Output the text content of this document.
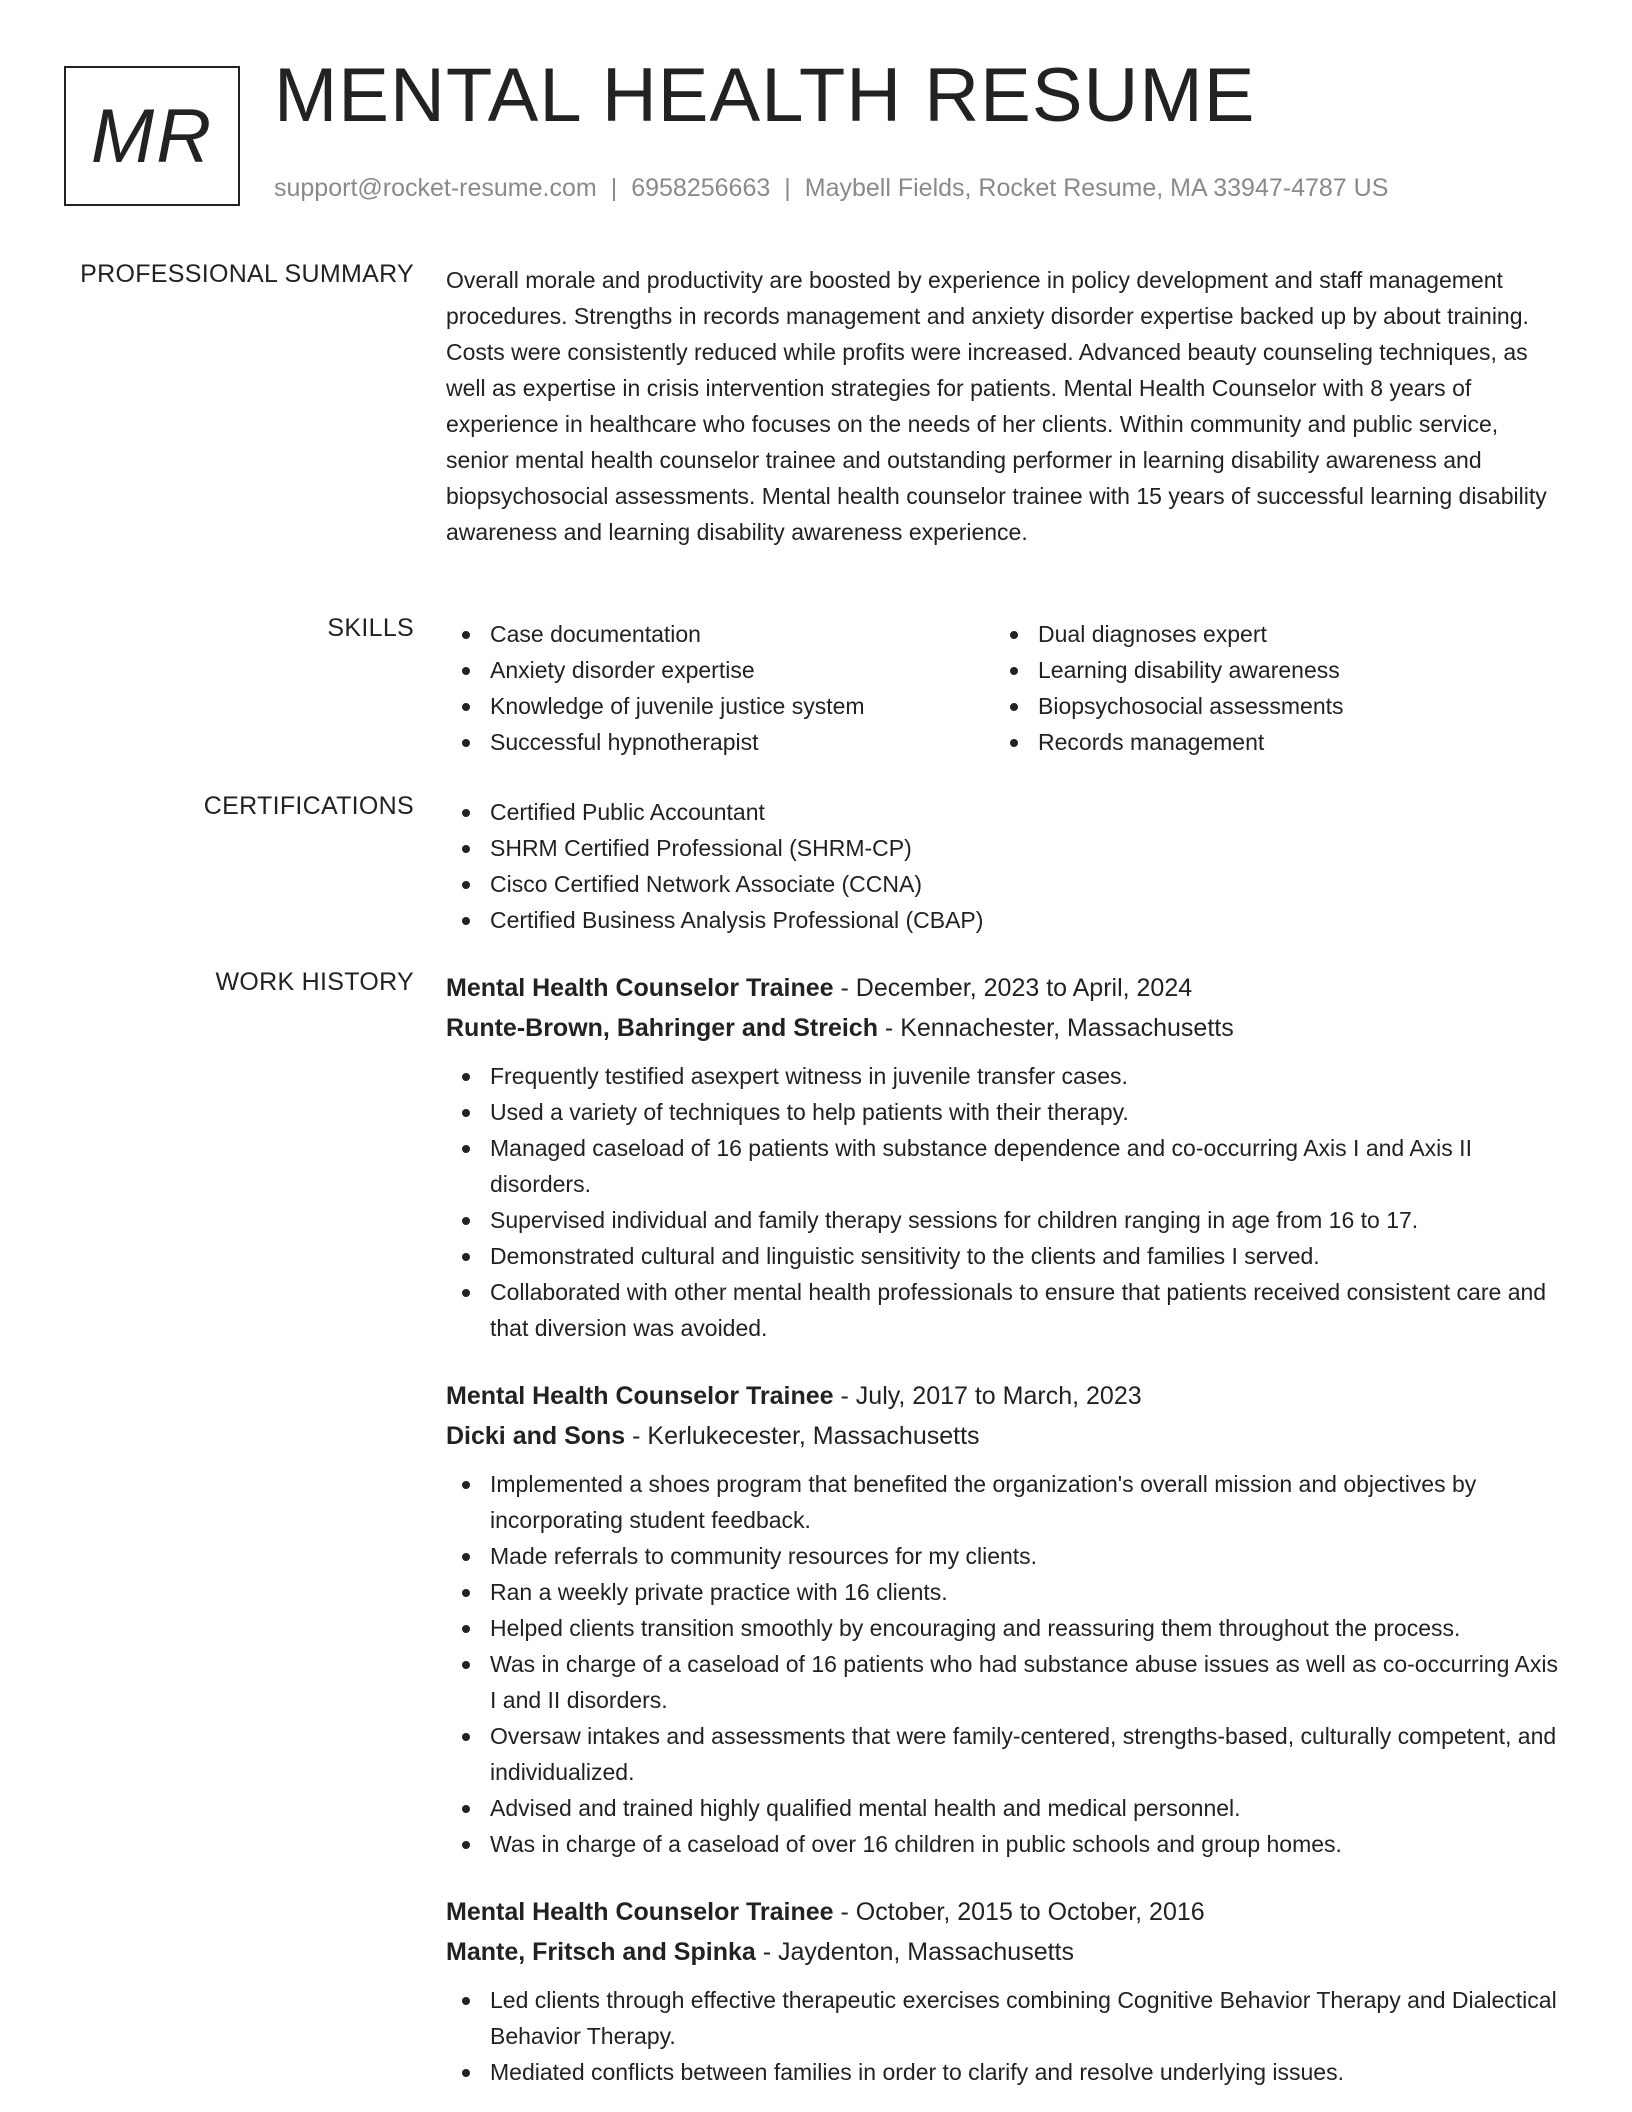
MR MENTAL HEALTH RESUME
support@rocket-resume.com | 6958256663 | Maybell Fields, Rocket Resume, MA 33947-4787 US
PROFESSIONAL SUMMARY Overall morale and productivity are boosted by experience in policy development and staff management procedures. Strengths in records management and anxiety disorder expertise backed up by about training. Costs were consistently reduced while profits were increased. Advanced beauty counseling techniques, as well as expertise in crisis intervention strategies for patients. Mental Health Counselor with 8 years of experience in healthcare who focuses on the needs of her clients. Within community and public service, senior mental health counselor trainee and outstanding performer in learning disability awareness and biopsychosocial assessments. Mental health counselor trainee with 15 years of successful learning disability awareness and learning disability awareness experience.

SKILLS	Case documentation
Anxiety disorder expertise
Knowledge of juvenile justice system
Successful hypnotherapist
Dual diagnoses expert
Learning disability awareness
Biopsychosocial assessments
Records management
CERTIFICATIONS	Certified Public Accountant
SHRM Certified Professional (SHRM-CP)
Cisco Certified Network Associate (CCNA)
Certified Business Analysis Professional (CBAP)
WORK HISTORY Mental Health Counselor Trainee - December, 2023 to April, 2024
Runte-Brown, Bahringer and Streich - Kennachester, Massachusetts
Frequently testified asexpert witness in juvenile transfer cases.
Used a variety of techniques to help patients with their therapy.
Managed caseload of 16 patients with substance dependence and co-occurring Axis I and Axis II disorders.
Supervised individual and family therapy sessions for children ranging in age from 16 to 17.
Demonstrated cultural and linguistic sensitivity to the clients and families I served.
Collaborated with other mental health professionals to ensure that patients received consistent care and that diversion was avoided.
Mental Health Counselor Trainee - July, 2017 to March, 2023
Dicki and Sons - Kerlukecester, Massachusetts
Implemented a shoes program that benefited the organization's overall mission and objectives by incorporating student feedback.
Made referrals to community resources for my clients.
Ran a weekly private practice with 16 clients.
Helped clients transition smoothly by encouraging and reassuring them throughout the process.
Was in charge of a caseload of 16 patients who had substance abuse issues as well as co-occurring Axis I and II disorders.
Oversaw intakes and assessments that were family-centered, strengths-based, culturally competent, and individualized.
Advised and trained highly qualified mental health and medical personnel.
Was in charge of a caseload of over 16 children in public schools and group homes.
Mental Health Counselor Trainee - October, 2015 to October, 2016
Mante, Fritsch and Spinka - Jaydenton, Massachusetts
Led clients through effective therapeutic exercises combining Cognitive Behavior Therapy and Dialectical Behavior Therapy.
Mediated conflicts between families in order to clarify and resolve underlying issues.
